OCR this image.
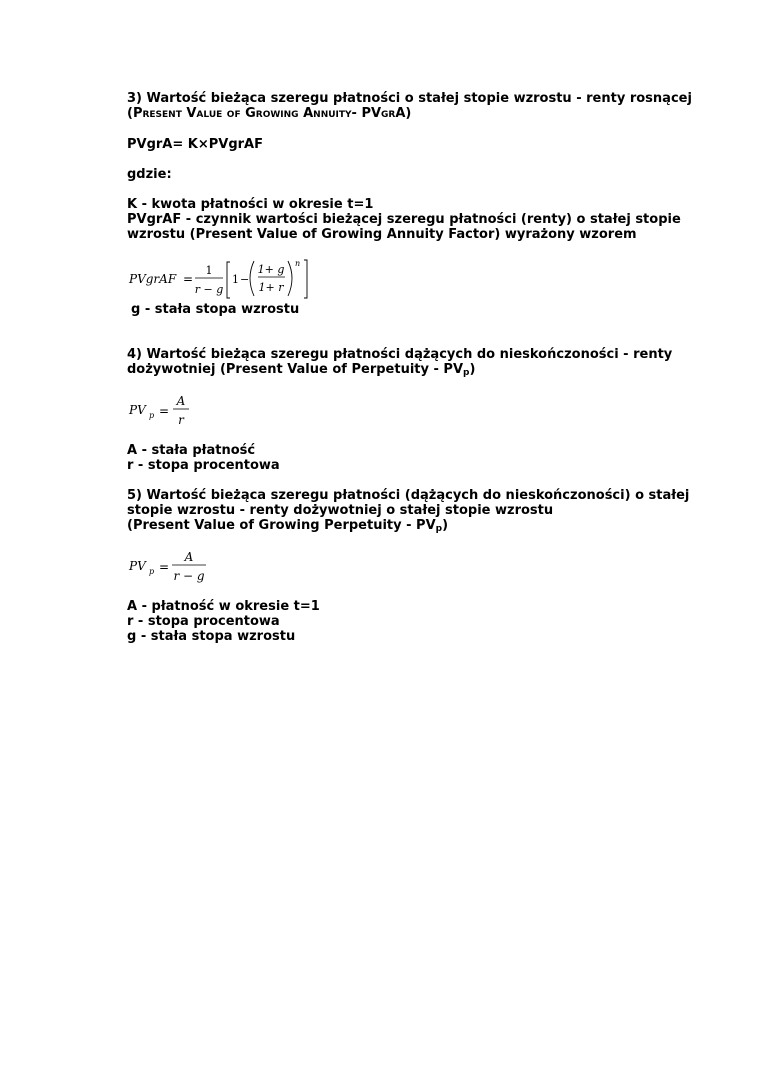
3) Wartość bieżąca szeregu płatności o stałej stopie wzrostu - renty rosnącej
(Present Value of Growing Annuity- PVgrA)
PVgrA= K×PVgrAF
gdzie:
K - kwota płatności w okresie t=1
PVgrAF - czynnik wartości bieżącej szeregu płatności (renty) o stałej stopie
wzrostu (Present Value of Growing Annuity Factor) wyrażony wzorem
PVgrAF =
1
r − g
1 −
1+ g
1+ r
n
g - stała stopa wzrostu
4) Wartość bieżąca szeregu płatności dążących do nieskończoności - renty
dożywotniej (Present Value of Perpetuity - $PV_p$)
PV p =
A
r
A - stała płatność
r - stopa procentowa
5) Wartość bieżąca szeregu płatności (dążących do nieskończoności) o stałej
stopie wzrostu - renty dożywotniej o stałej stopie wzrostu
(Present Value of Growing Perpetuity - $PV_p$)
PV p =
A
r − g
A - płatność w okresie t=1
r - stopa procentowa
g - stała stopa wzrostu
